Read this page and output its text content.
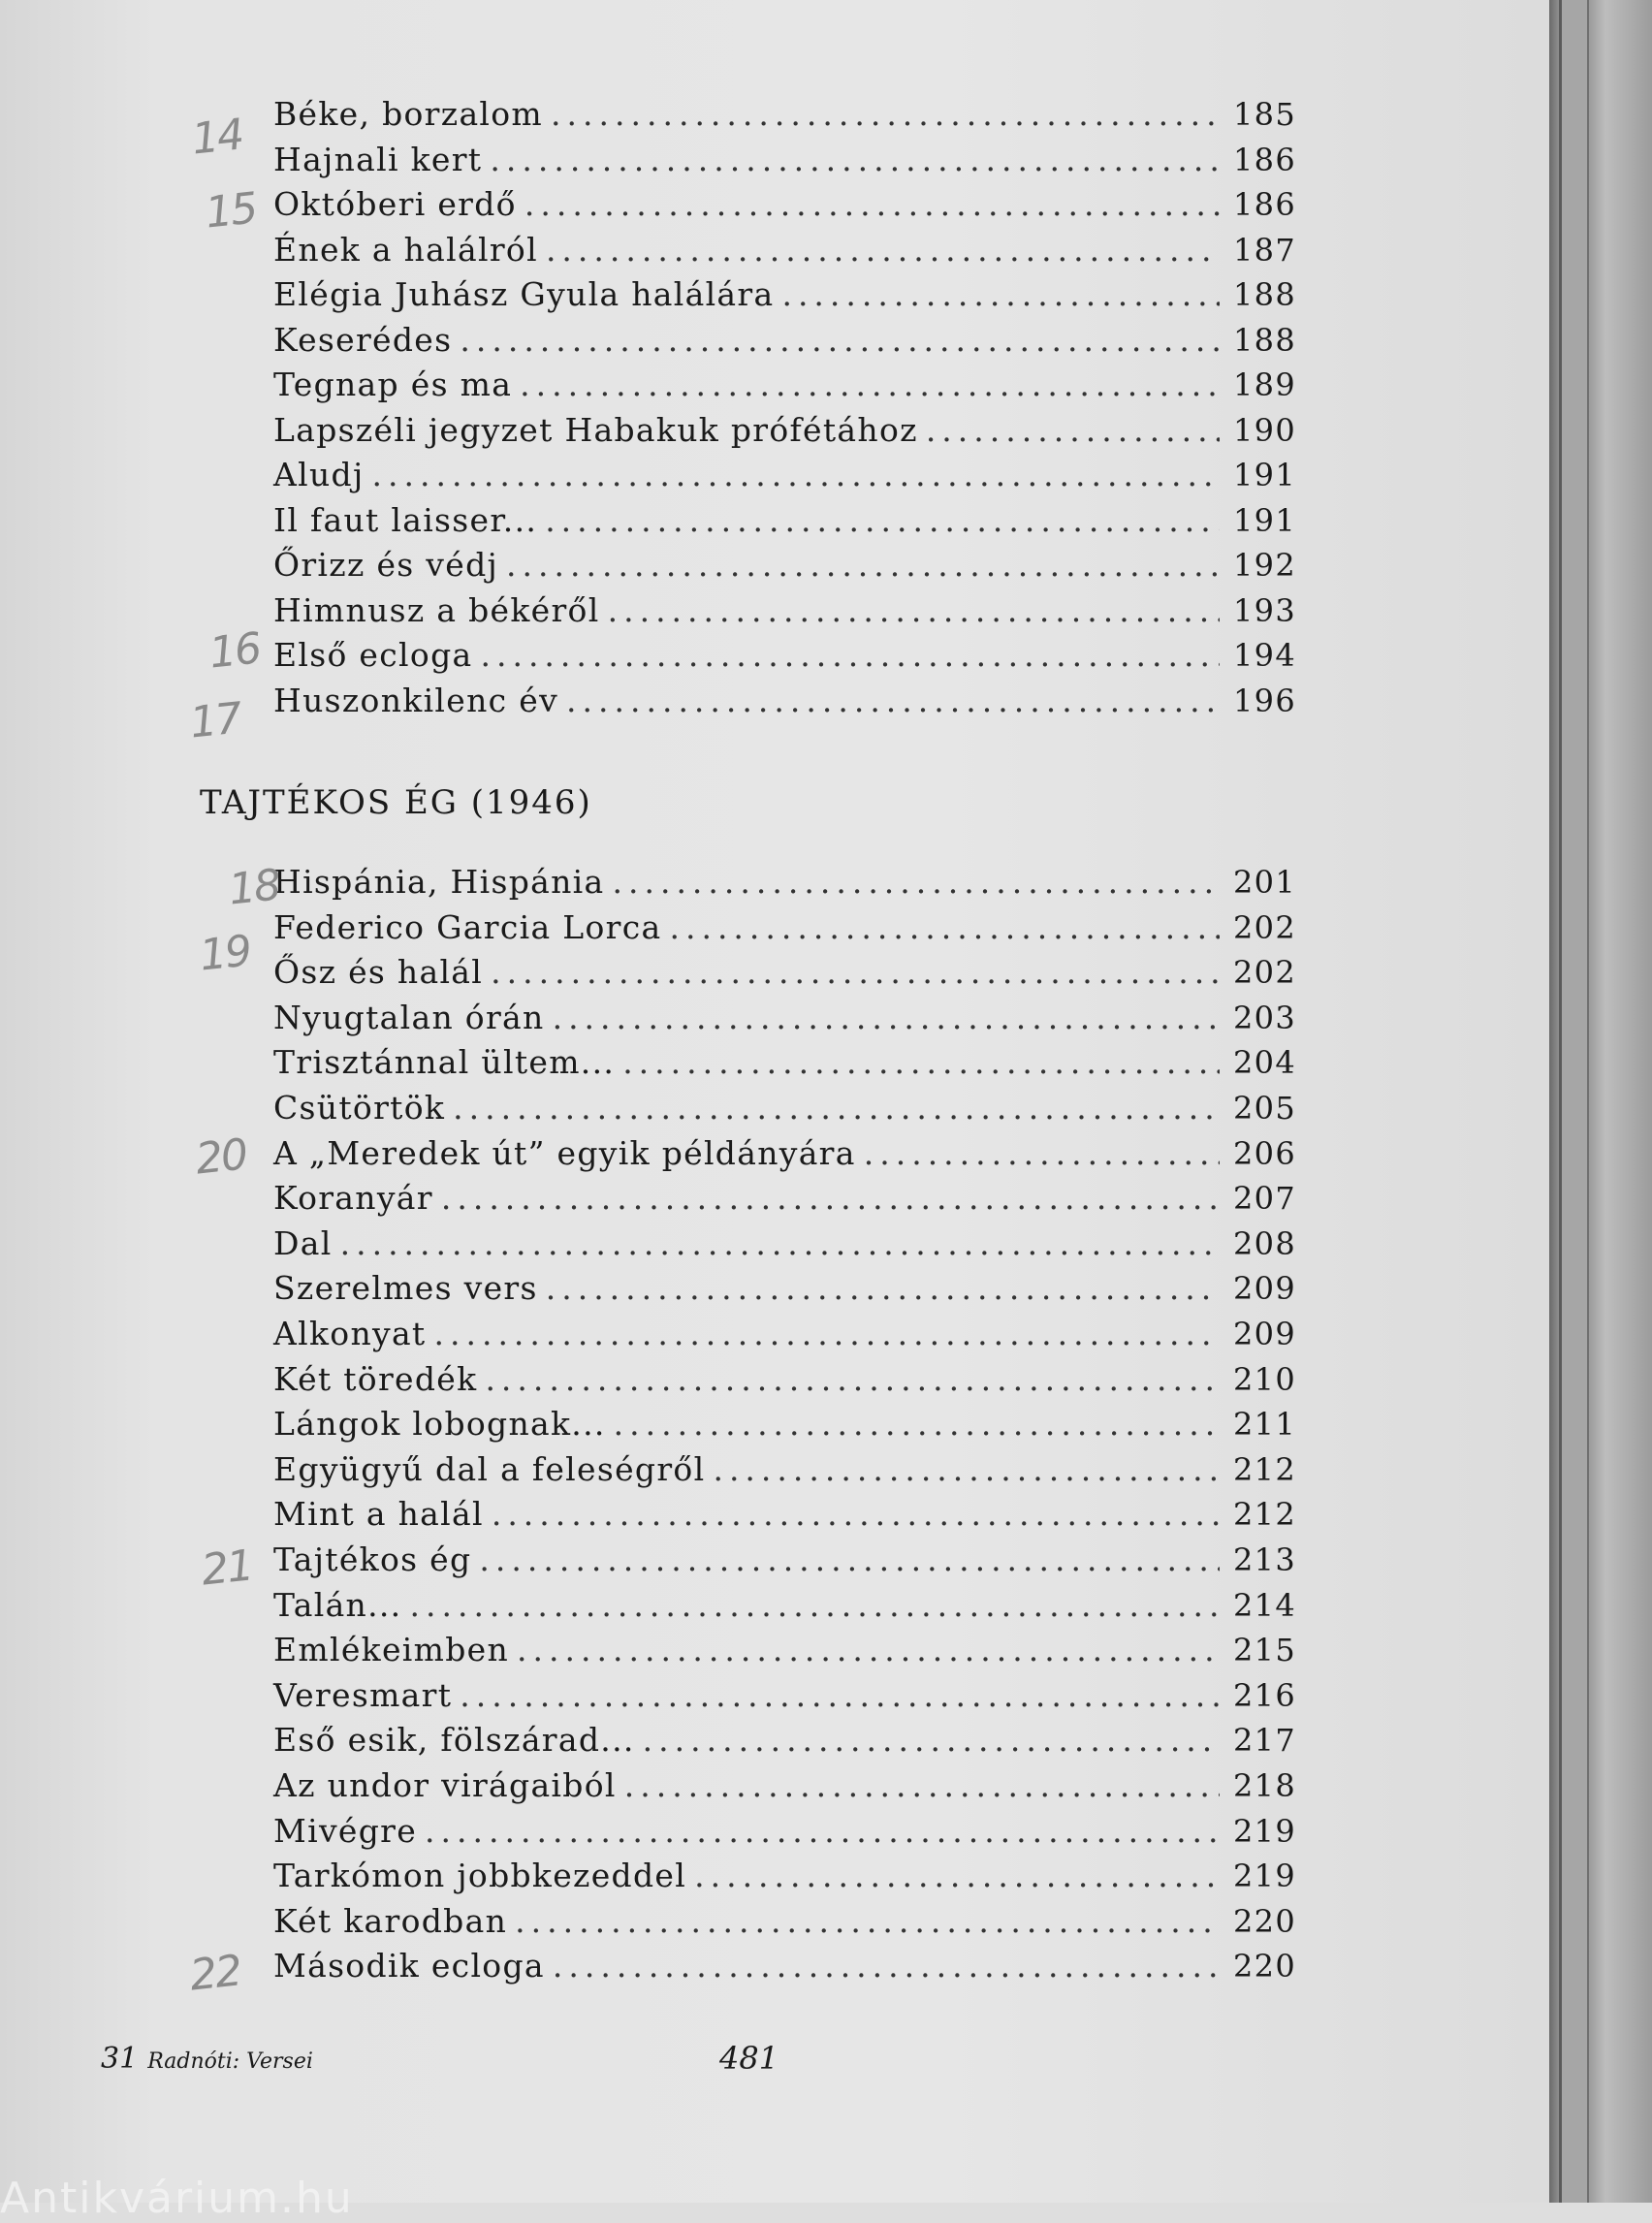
Béke, borzalom .....	185
Hajnali kert .....	186
Októberi erdő .....	186
Ének a halálról .....	187
Elégia Juhász Gyula halálára .....	188
Keserédes .....	188
Tegnap és ma .....	189
Lapszéli jegyzet Habakuk prófétához .....	190
Aludj .....	191
Il faut laisser... .....	191
Őrizz és védj .....	192
Himnusz a békéről .....	193
Első ecloga .....	194
Huszonkilenc év .....	196
TAJTÉKOS ÉG (1946)
Hispánia, Hispánia .....	201
Federico Garcia Lorca .....	202
Ősz és halál .....	202
Nyugtalan órán .....	203
Trisztánnal ültem... .....	204
Csütörtök .....	205
A „Meredek út” egyik példányára .....	206
Koranyár .....	207
Dal .....	208
Szerelmes vers .....	209
Alkonyat .....	209
Két töredék .....	210
Lángok lobognak... .....	211
Együgyű dal a feleségről .....	212
Mint a halál .....	212
Tajtékos ég .....	213
Talán... .....	214
Emlékeimben .....	215
Veresmart .....	216
Eső esik, fölszárad... .....	217
Az undor virágaiból .....	218
Mivégre .....	219
Tarkómon jobbkezeddel .....	219
Két karodban .....	220
Második ecloga .....	220
14
15
16
17
18
19
20
21
22
31 Radnóti: Versei	481
Antikvárium.hu
